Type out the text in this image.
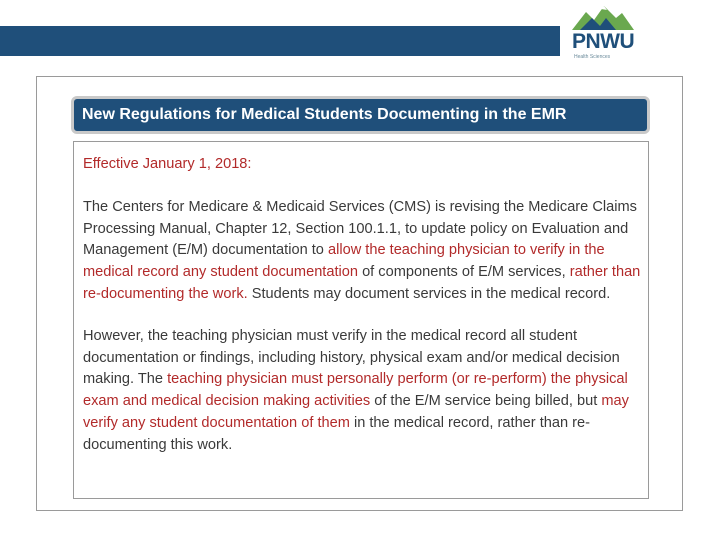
PNWU
Health Sciences
New Regulations for Medical Students Documenting in the EMR

Effective January 1, 2018:

The Centers for Medicare & Medicaid Services (CMS) is revising the Medicare Claims Processing Manual, Chapter 12, Section 100.1.1, to update policy on Evaluation and Management (E/M) documentation to allow the teaching physician to verify in the medical record any student documentation of components of E/M services, rather than re-documenting the work. Students may document services in the medical record.

However, the teaching physician must verify in the medical record all student documentation or findings, including history, physical exam and/or medical decision making. The teaching physician must personally perform (or re-perform) the physical exam and medical decision making activities of the E/M service being billed, but may verify any student documentation of them in the medical record, rather than re-documenting this work.
